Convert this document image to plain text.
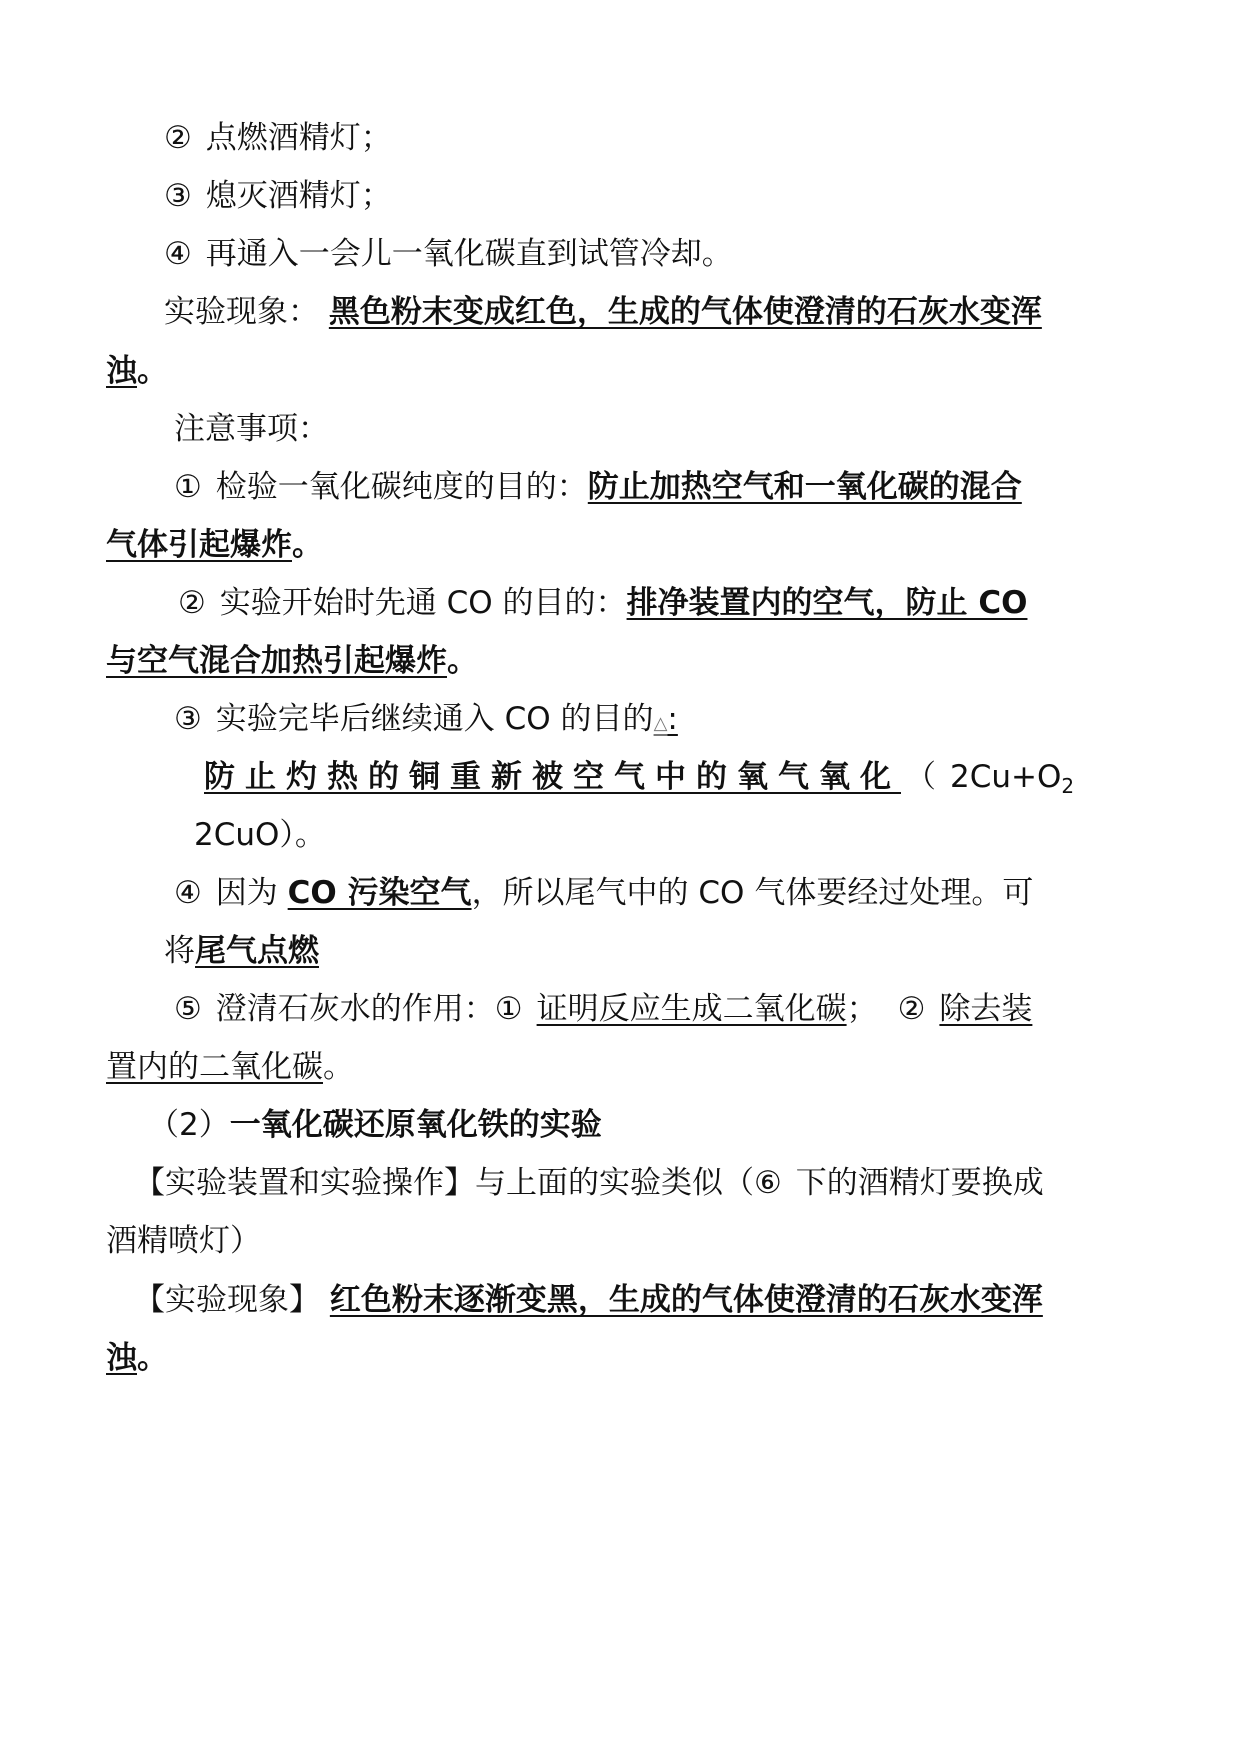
② 点燃酒精灯；
③ 熄灭酒精灯；
④ 再通入一会儿一氧化碳直到试管冷却。
实验现象： 黑色粉末变成红色，生成的气体使澄清的石灰水变浑
浊。
注意事项：
① 检验一氧化碳纯度的目的：防止加热空气和一氧化碳的混合
气体引起爆炸。
② 实验开始时先通 CO 的目的：排净装置内的空气，防止 CO
与空气混合加热引起爆炸。
③ 实验完毕后继续通入 CO 的目的△:
防止灼热的铜重新被空气中的氧气氧化 （ $2Cu+O_2$
2CuO）。
④ 因为 CO 污染空气，所以尾气中的 CO 气体要经过处理。可
将尾气点燃
⑤ 澄清石灰水的作用：① 证明反应生成二氧化碳； ② 除去装
置内的二氧化碳。
（2）一氧化碳还原氧化铁的实验
【实验装置和实验操作】与上面的实验类似（⑥ 下的酒精灯要换成
酒精喷灯）
【实验现象】 红色粉末逐渐变黑，生成的气体使澄清的石灰水变浑
浊。
